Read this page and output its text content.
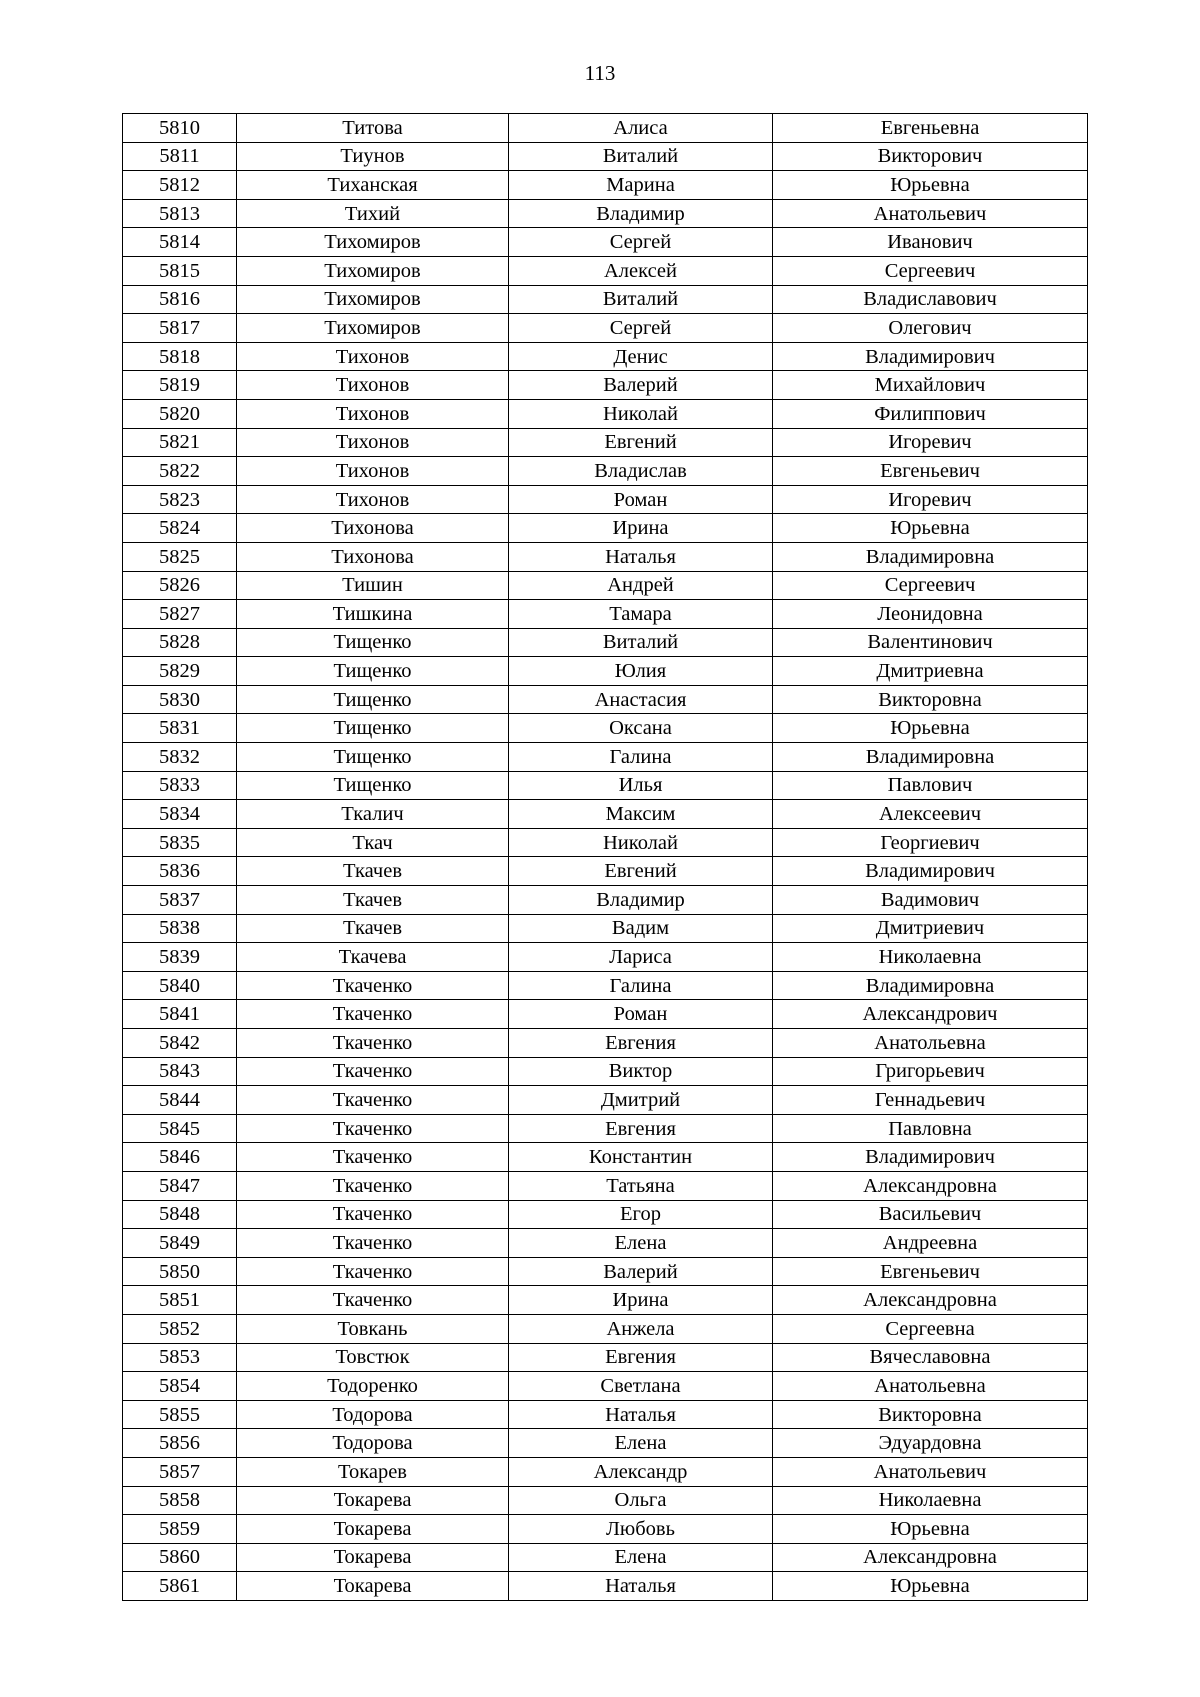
113
5810	Титова	Алиса	Евгеньевна
5811	Тиунов	Виталий	Викторович
5812	Тиханская	Марина	Юрьевна
5813	Тихий	Владимир	Анатольевич
5814	Тихомиров	Сергей	Иванович
5815	Тихомиров	Алексей	Сергеевич
5816	Тихомиров	Виталий	Владиславович
5817	Тихомиров	Сергей	Олегович
5818	Тихонов	Денис	Владимирович
5819	Тихонов	Валерий	Михайлович
5820	Тихонов	Николай	Филиппович
5821	Тихонов	Евгений	Игоревич
5822	Тихонов	Владислав	Евгеньевич
5823	Тихонов	Роман	Игоревич
5824	Тихонова	Ирина	Юрьевна
5825	Тихонова	Наталья	Владимировна
5826	Тишин	Андрей	Сергеевич
5827	Тишкина	Тамара	Леонидовна
5828	Тищенко	Виталий	Валентинович
5829	Тищенко	Юлия	Дмитриевна
5830	Тищенко	Анастасия	Викторовна
5831	Тищенко	Оксана	Юрьевна
5832	Тищенко	Галина	Владимировна
5833	Тищенко	Илья	Павлович
5834	Ткалич	Максим	Алексеевич
5835	Ткач	Николай	Георгиевич
5836	Ткачев	Евгений	Владимирович
5837	Ткачев	Владимир	Вадимович
5838	Ткачев	Вадим	Дмитриевич
5839	Ткачева	Лариса	Николаевна
5840	Ткаченко	Галина	Владимировна
5841	Ткаченко	Роман	Александрович
5842	Ткаченко	Евгения	Анатольевна
5843	Ткаченко	Виктор	Григорьевич
5844	Ткаченко	Дмитрий	Геннадьевич
5845	Ткаченко	Евгения	Павловна
5846	Ткаченко	Константин	Владимирович
5847	Ткаченко	Татьяна	Александровна
5848	Ткаченко	Егор	Васильевич
5849	Ткаченко	Елена	Андреевна
5850	Ткаченко	Валерий	Евгеньевич
5851	Ткаченко	Ирина	Александровна
5852	Товкань	Анжела	Сергеевна
5853	Товстюк	Евгения	Вячеславовна
5854	Тодоренко	Светлана	Анатольевна
5855	Тодорова	Наталья	Викторовна
5856	Тодорова	Елена	Эдуардовна
5857	Токарев	Александр	Анатольевич
5858	Токарева	Ольга	Николаевна
5859	Токарева	Любовь	Юрьевна
5860	Токарева	Елена	Александровна
5861	Токарева	Наталья	Юрьевна
